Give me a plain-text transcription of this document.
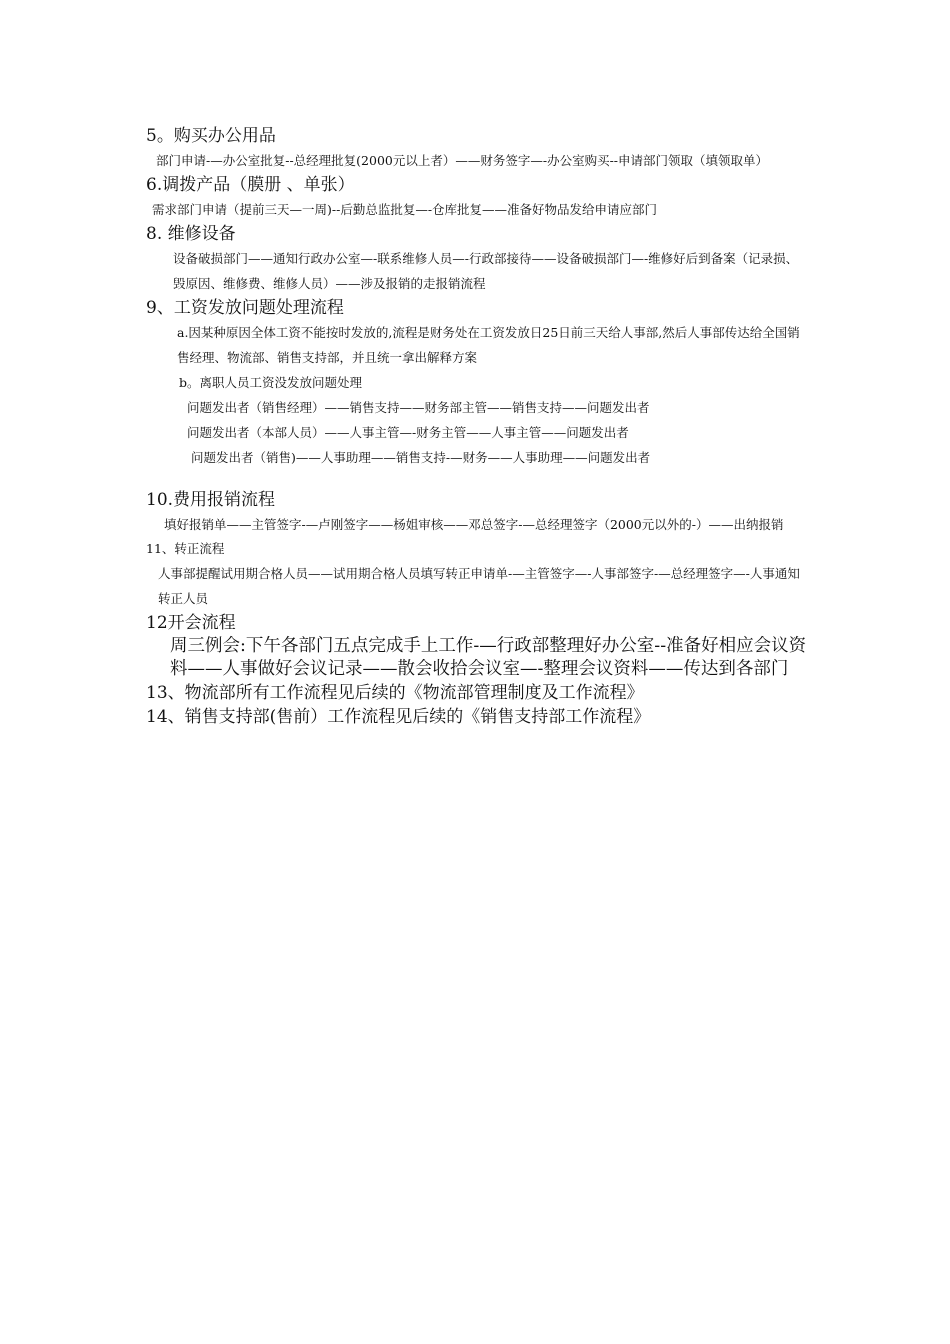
5。购买办公用品

部门申请-—办公室批复--总经理批复(2000元以上者）——财务签字—-办公室购买--申请部门领取（填领取单）

6.调拨产品（膜册 、单张）

需求部门申请（提前三天—一周)--后勤总监批复—-仓库批复——准备好物品发给申请应部门

8. 维修设备

设备破损部门——通知行政办公室—-联系维修人员—-行政部接待——设备破损部门—-维修好后到备案（记录损、毁原因、维修费、维修人员）——涉及报销的走报销流程

9、工资发放问题处理流程

a.因某种原因全体工资不能按时发放的,流程是财务处在工资发放日25日前三天给人事部,然后人事部传达给全国销售经理、物流部、销售支持部，并且统一拿出解释方案

b。离职人员工资没发放问题处理

问题发出者（销售经理）——销售支持——财务部主管——销售支持——问题发出者

问题发出者（本部人员）——人事主管—-财务主管——人事主管——问题发出者

问题发出者（销售)——人事助理——销售支持-—财务——人事助理——问题发出者

10.费用报销流程

填好报销单——主管签字-—卢刚签字——杨姐审核——邓总签字-—总经理签字（2000元以外的-）——出纳报销

11、转正流程

人事部提醒试用期合格人员——试用期合格人员填写转正申请单-—主管签字—-人事部签字-—总经理签字—-人事通知转正人员

12开会流程

周三例会:下午各部门五点完成手上工作-—行政部整理好办公室--准备好相应会议资料——人事做好会议记录——散会收拾会议室—-整理会议资料——传达到各部门

13、物流部所有工作流程见后续的《物流部管理制度及工作流程》

14、销售支持部(售前）工作流程见后续的《销售支持部工作流程》
